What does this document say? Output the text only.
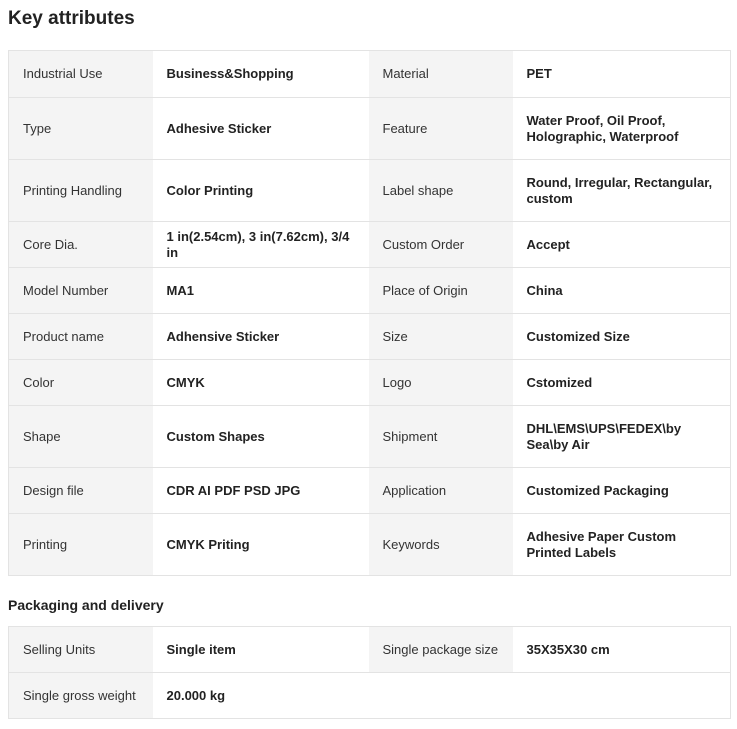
Key attributes
Industrial Use	Business&Shopping	Material	PET
Type	Adhesive Sticker	Feature	Water Proof, Oil Proof, Holographic, Waterproof
Printing Handling	Color Printing	Label shape	Round, Irregular, Rectangular, custom
Core Dia.	1 in(2.54cm), 3 in(7.62cm), 3/4 in	Custom Order	Accept
Model Number	MA1	Place of Origin	China
Product name	Adhensive Sticker	Size	Customized Size
Color	CMYK	Logo	Cstomized
Shape	Custom Shapes	Shipment	DHL\EMS\UPS\FEDEX\by Sea\by Air
Design file	CDR AI PDF PSD JPG	Application	Customized Packaging
Printing	CMYK Priting	Keywords	Adhesive Paper Custom Printed Labels
Packaging and delivery
Selling Units	Single item	Single package size	35X35X30 cm
Single gross weight	20.000 kg		
